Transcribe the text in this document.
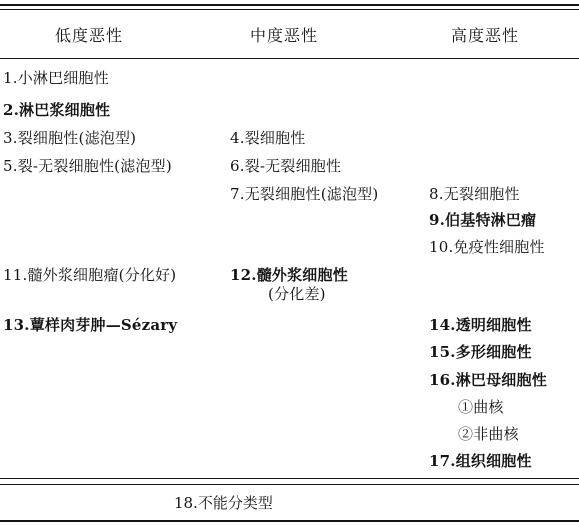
低度恶性	中度恶性	高度恶性
1.小淋巴细胞性
2.淋巴浆细胞性
3.裂细胞性(滤泡型)
5.裂-无裂细胞性(滤泡型)
11.髓外浆细胞瘤(分化好)
13.蕈样肉芽肿—Sézary
4.裂细胞性
6.裂-无裂细胞性
7.无裂细胞性(滤泡型)
12.髓外浆细胞性
(分化差)
8.无裂细胞性
9.伯基特淋巴瘤
10.免疫性细胞性
14.透明细胞性
15.多形细胞性
16.淋巴母细胞性
①曲核
②非曲核
17.组织细胞性
18.不能分类型
